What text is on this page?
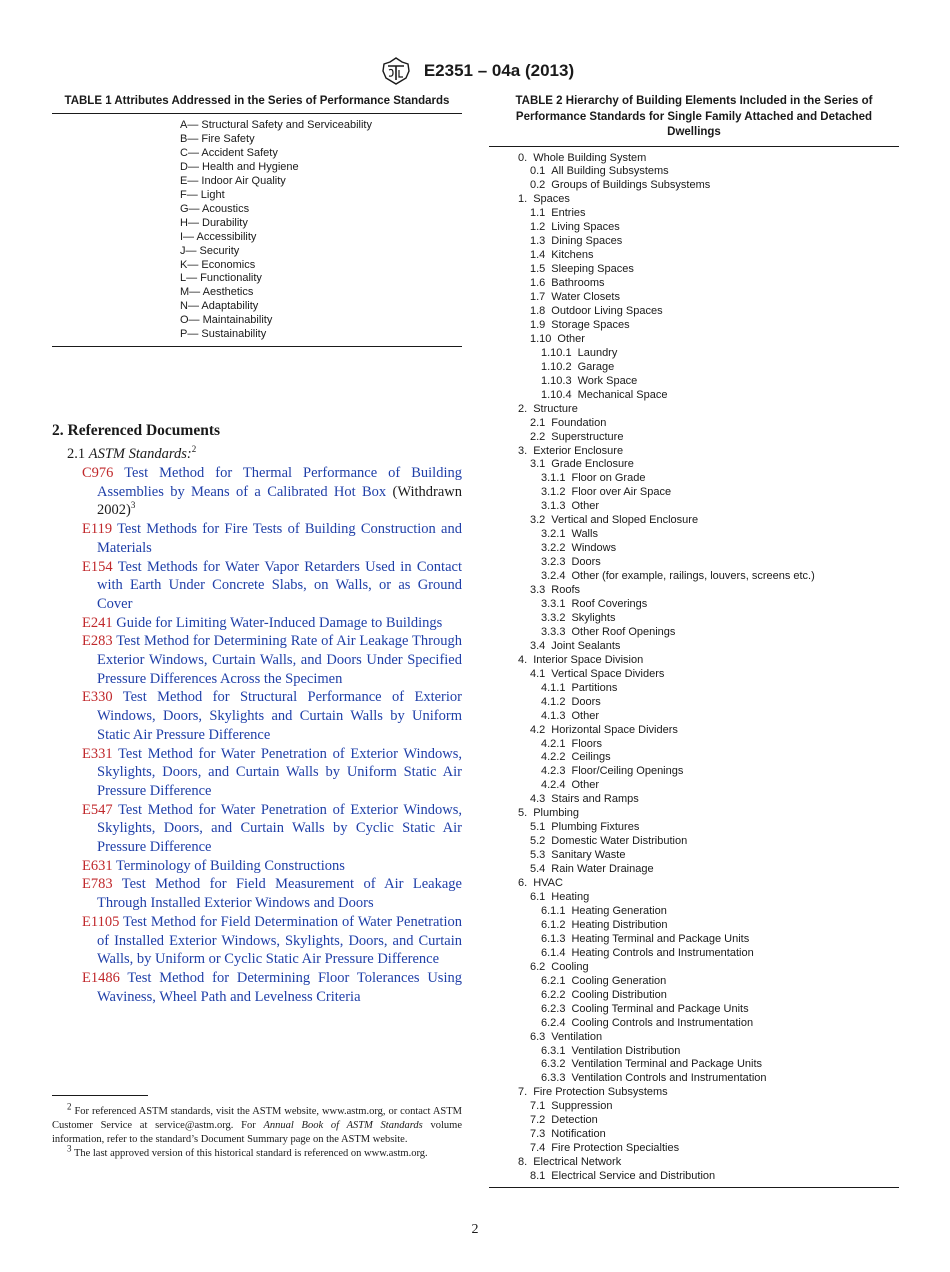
E2351 – 04a (2013)
TABLE 1 Attributes Addressed in the Series of Performance Standards
A— Structural Safety and Serviceability
B— Fire Safety
C— Accident Safety
D— Health and Hygiene
E— Indoor Air Quality
F— Light
G— Acoustics
H— Durability
I— Accessibility
J— Security
K— Economics
L— Functionality
M— Aesthetics
N— Adaptability
O— Maintainability
P— Sustainability
2. Referenced Documents
2.1 ASTM Standards:$^2$
C976 Test Method for Thermal Performance of Building Assemblies by Means of a Calibrated Hot Box (Withdrawn 2002)$^3$
E119 Test Methods for Fire Tests of Building Construction and Materials
E154 Test Methods for Water Vapor Retarders Used in Contact with Earth Under Concrete Slabs, on Walls, or as Ground Cover
E241 Guide for Limiting Water-Induced Damage to Buildings
E283 Test Method for Determining Rate of Air Leakage Through Exterior Windows, Curtain Walls, and Doors Under Specified Pressure Differences Across the Specimen
E330 Test Method for Structural Performance of Exterior Windows, Doors, Skylights and Curtain Walls by Uniform Static Air Pressure Difference
E331 Test Method for Water Penetration of Exterior Windows, Skylights, Doors, and Curtain Walls by Uniform Static Air Pressure Difference
E547 Test Method for Water Penetration of Exterior Windows, Skylights, Doors, and Curtain Walls by Cyclic Static Air Pressure Difference
E631 Terminology of Building Constructions
E783 Test Method for Field Measurement of Air Leakage Through Installed Exterior Windows and Doors
E1105 Test Method for Field Determination of Water Penetration of Installed Exterior Windows, Skylights, Doors, and Curtain Walls, by Uniform or Cyclic Static Air Pressure Difference
E1486 Test Method for Determining Floor Tolerances Using Waviness, Wheel Path and Levelness Criteria
$^2$ For referenced ASTM standards, visit the ASTM website, www.astm.org, or contact ASTM Customer Service at service@astm.org. For Annual Book of ASTM Standards volume information, refer to the standard’s Document Summary page on the ASTM website.
$^3$ The last approved version of this historical standard is referenced on www.astm.org.
TABLE 2 Hierarchy of Building Elements Included in the Series of Performance Standards for Single Family Attached and Detached Dwellings
0. Whole Building System
0.1 All Building Subsystems
0.2 Groups of Buildings Subsystems
1. Spaces
1.1 Entries
1.2 Living Spaces
1.3 Dining Spaces
1.4 Kitchens
1.5 Sleeping Spaces
1.6 Bathrooms
1.7 Water Closets
1.8 Outdoor Living Spaces
1.9 Storage Spaces
1.10 Other
1.10.1 Laundry
1.10.2 Garage
1.10.3 Work Space
1.10.4 Mechanical Space
2. Structure
2.1 Foundation
2.2 Superstructure
3. Exterior Enclosure
3.1 Grade Enclosure
3.1.1 Floor on Grade
3.1.2 Floor over Air Space
3.1.3 Other
3.2 Vertical and Sloped Enclosure
3.2.1 Walls
3.2.2 Windows
3.2.3 Doors
3.2.4 Other (for example, railings, louvers, screens etc.)
3.3 Roofs
3.3.1 Roof Coverings
3.3.2 Skylights
3.3.3 Other Roof Openings
3.4 Joint Sealants
4. Interior Space Division
4.1 Vertical Space Dividers
4.1.1 Partitions
4.1.2 Doors
4.1.3 Other
4.2 Horizontal Space Dividers
4.2.1 Floors
4.2.2 Ceilings
4.2.3 Floor/Ceiling Openings
4.2.4 Other
4.3 Stairs and Ramps
5. Plumbing
5.1 Plumbing Fixtures
5.2 Domestic Water Distribution
5.3 Sanitary Waste
5.4 Rain Water Drainage
6. HVAC
6.1 Heating
6.1.1 Heating Generation
6.1.2 Heating Distribution
6.1.3 Heating Terminal and Package Units
6.1.4 Heating Controls and Instrumentation
6.2 Cooling
6.2.1 Cooling Generation
6.2.2 Cooling Distribution
6.2.3 Cooling Terminal and Package Units
6.2.4 Cooling Controls and Instrumentation
6.3 Ventilation
6.3.1 Ventilation Distribution
6.3.2 Ventilation Terminal and Package Units
6.3.3 Ventilation Controls and Instrumentation
7. Fire Protection Subsystems
7.1 Suppression
7.2 Detection
7.3 Notification
7.4 Fire Protection Specialties
8. Electrical Network
8.1 Electrical Service and Distribution
2
